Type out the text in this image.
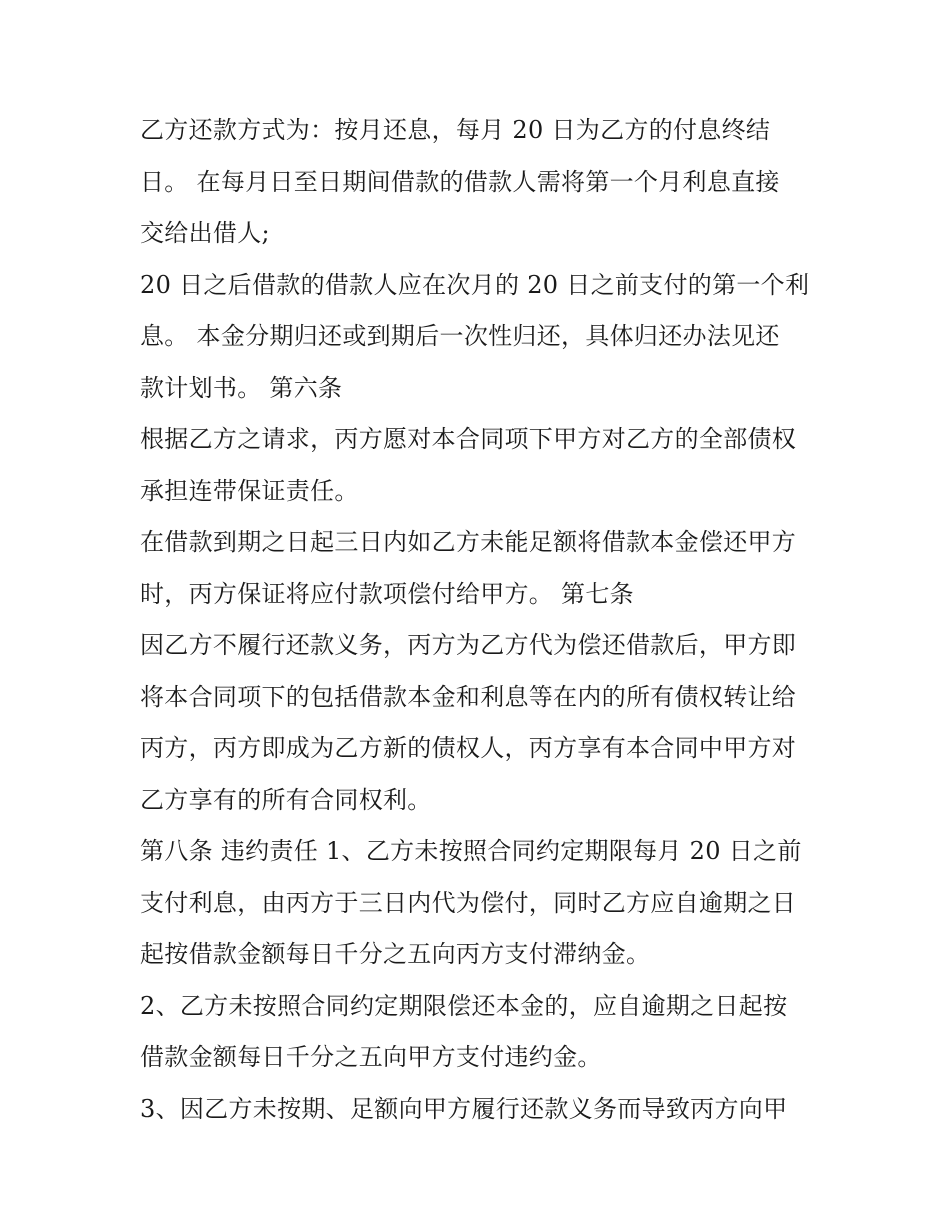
乙方还款方式为：按月还息，每月 20 日为乙方的付息终结
日。 在每月日至日期间借款的借款人需将第一个月利息直接
交给出借人;
20 日之后借款的借款人应在次月的 20 日之前支付的第一个利
息。 本金分期归还或到期后一次性归还，具体归还办法见还
款计划书。 第六条
根据乙方之请求，丙方愿对本合同项下甲方对乙方的全部债权
承担连带保证责任。
在借款到期之日起三日内如乙方未能足额将借款本金偿还甲方
时，丙方保证将应付款项偿付给甲方。 第七条
因乙方不履行还款义务，丙方为乙方代为偿还借款后，甲方即
将本合同项下的包括借款本金和利息等在内的所有债权转让给
丙方，丙方即成为乙方新的债权人，丙方享有本合同中甲方对
乙方享有的所有合同权利。
第八条 违约责任 1、乙方未按照合同约定期限每月 20 日之前
支付利息，由丙方于三日内代为偿付，同时乙方应自逾期之日
起按借款金额每日千分之五向丙方支付滞纳金。
2、乙方未按照合同约定期限偿还本金的，应自逾期之日起按
借款金额每日千分之五向甲方支付违约金。
3、因乙方未按期、足额向甲方履行还款义务而导致丙方向甲
